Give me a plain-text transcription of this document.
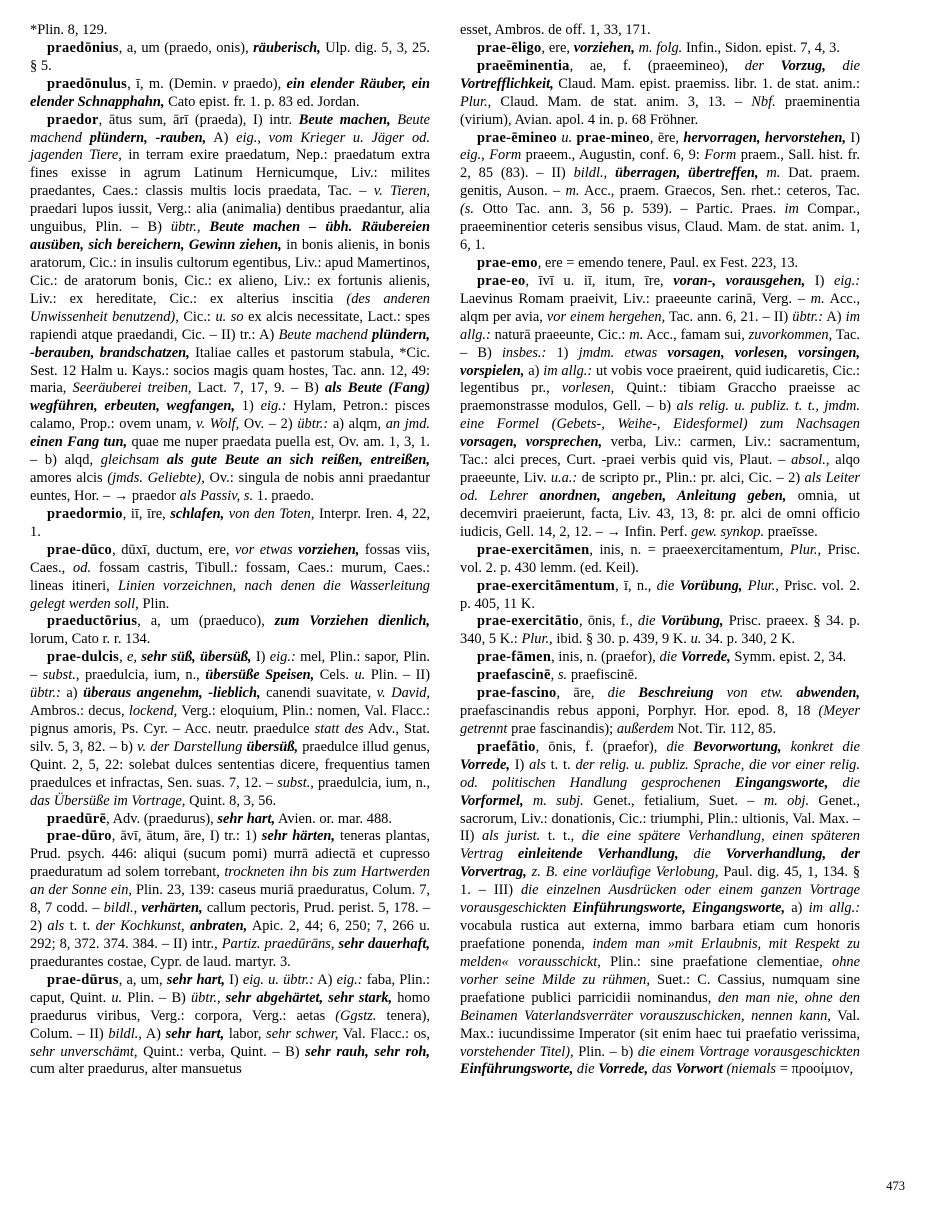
*Plin. 8, 129.

praedōnius, a, um (praedo, onis), räuberisch, Ulp. dig. 5, 3, 25. § 5.

praedōnulus, ī, m. (Demin. v praedo), ein elender Räuber, ein elender Schnapphahn, Cato epist. fr. 1. p. 83 ed. Jordan.

praedor, ātus sum, ārī (praeda), I) intr. Beute machen, Beute machend plündern, -rauben, A) eig., vom Krieger u. Jäger od. jagenden Tiere, in terram exire praedatum, Nep.: praedatum extra fines exisse in agrum Latinum Hernicumque, Liv.: milites praedantes, Caes.: classis multis locis praedata, Tac. – v. Tieren, praedari lupos iussit, Verg.: alia (animalia) dentibus praedantur, alia unguibus, Plin. – B) übtr., Beute machen – übh. Räubereien ausüben, sich bereichern, Gewinn ziehen, in bonis alienis, in bonis aratorum, Cic.: in insulis cultorum egentibus, Liv.: apud Mamertinos, Cic.: de aratorum bonis, Cic.: ex alieno, Liv.: ex fortunis alienis, Liv.: ex hereditate, Cic.: ex alterius inscitia (des anderen Unwissenheit benutzend), Cic.: u. so ex alcis necessitate, Lact.: spes rapiendi atque praedandi, Cic. – II) tr.: A) Beute machend plündern, -berauben, brandschatzen, Italiae calles et pastorum stabula, *Cic. Sest. 12 Halm u. Kays.: socios magis quam hostes, Tac. ann. 12, 49: maria, Seeräuberei treiben, Lact. 7, 17, 9. – B) als Beute (Fang) wegführen, erbeuten, wegfangen, 1) eig.: Hylam, Petron.: pisces calamo, Prop.: ovem unam, v. Wolf, Ov. – 2) übtr.: a) alqm, an jmd. einen Fang tun, quae me nuper praedata puella est, Ov. am. 1, 3, 1. – b) alqd, gleichsam als gute Beute an sich reißen, entreißen, amores alcis (jmds. Geliebte), Ov.: singula de nobis anni praedantur euntes, Hor. – → praedor als Passiv, s. 1. praedo.

praedormio, iī, īre, schlafen, von den Toten, Interpr. Iren. 4, 22, 1.

prae-dūco, dūxī, ductum, ere, vor etwas vorziehen, fossas viis, Caes., od. fossam castris, Tibull.: fossam, Caes.: murum, Caes.: lineas itineri, Linien vorzeichnen, nach denen die Wasserleitung gelegt werden soll, Plin.

praeductōrius, a, um (praeduco), zum Vorziehen dienlich, lorum, Cato r. r. 134.

prae-dulcis, e, sehr süß, übersüß, I) eig.: mel, Plin.: sapor, Plin. – subst., praedulcia, ium, n., übersüße Speisen, Cels. u. Plin. – II) übtr.: a) überaus angenehm, -lieblich, canendi suavitate, v. David, Ambros.: decus, lockend, Verg.: eloquium, Plin.: nomen, Val. Flacc.: pignus amoris, Ps. Cyr. – Acc. neutr. praedulce statt des Adv., Stat. silv. 5, 3, 82. – b) v. der Darstellung übersüß, praedulce illud genus, Quint. 2, 5, 22: solebat dulces sententias dicere, frequentius tamen praedulces et infractas, Sen. suas. 7, 12. – subst., praedulcia, ium, n., das Übersüße im Vortrage, Quint. 8, 3, 56.

praedūrē, Adv. (praedurus), sehr hart, Avien. or. mar. 488.

prae-dūro, āvī, ātum, āre, I) tr.: 1) sehr härten, teneras plantas, Prud. psych. 446: aliqui (sucum pomi) murrā adiectā et cupresso praeduratum ad solem torrebant, trockneten ihn bis zum Hartwerden an der Sonne ein, Plin. 23, 139: caseus muriā praeduratus, Colum. 7, 8, 7 codd. – bildl., verhärten, callum pectoris, Prud. perist. 5, 178. – 2) als t. t. der Kochkunst, anbraten, Apic. 2, 44; 6, 250; 7, 266 u. 292; 8, 372. 374. 384. – II) intr., Partiz. praedūrāns, sehr dauerhaft, praedurantes costae, Cypr. de laud. martyr. 3.

prae-dūrus, a, um, sehr hart, I) eig. u. übtr.: A) eig.: faba, Plin.: caput, Quint. u. Plin. – B) übtr., sehr abgehärtet, sehr stark, homo praedurus viribus, Verg.: corpora, Verg.: aetas (Ggstz. tenera), Colum. – II) bildl., A) sehr hart, labor, sehr schwer, Val. Flacc.: os, sehr unverschämt, Quint.: verba, Quint. – B) sehr rauh, sehr roh, cum alter praedurus, alter mansuetus

esset, Ambros. de off. 1, 33, 171.

prae-ēligo, ere, vorziehen, m. folg. Infin., Sidon. epist. 7, 4, 3.

praeēminentia, ae, f. (praeemineo), der Vorzug, die Vortrefflichkeit, Claud. Mam. epist. praemiss. libr. 1. de stat. anim.: Plur., Claud. Mam. de stat. anim. 3, 13. – Nbf. praeminentia (virium), Avian. apol. 4 in. p. 68 Fröhner.

prae-ēmineo u. prae-mineo, ēre, hervorragen, hervorstehen, I) eig., Form praeem., Augustin, conf. 6, 9: Form praem., Sall. hist. fr. 2, 85 (83). – II) bildl., überragen, übertreffen, m. Dat. praem. genitis, Auson. – m. Acc., praem. Graecos, Sen. rhet.: ceteros, Tac. (s. Otto Tac. ann. 3, 56 p. 539). – Partic. Praes. im Compar., praeeminentior ceteris sensibus visus, Claud. Mam. de stat. anim. 1, 6, 1.

prae-emo, ere = emendo tenere, Paul. ex Fest. 223, 13.

prae-eo, īvī u. iī, itum, īre, voran-, vorausgehen, I) eig.: Laevinus Romam praeivit, Liv.: praeeunte carinā, Verg. – m. Acc., alqm per avia, vor einem hergehen, Tac. ann. 6, 21. – II) übtr.: A) im allg.: naturā praeeunte, Cic.: m. Acc., famam sui, zuvorkommen, Tac. – B) insbes.: 1) jmdm. etwas vorsagen, vorlesen, vorsingen, vorspielen, a) im allg.: ut vobis voce praeirent, quid iudicaretis, Cic.: legentibus pr., vorlesen, Quint.: tibiam Graccho praeisse ac praemonstrasse modulos, Gell. – b) als relig. u. publiz. t. t., jmdm. eine Formel (Gebets-, Weihe-, Eidesformel) zum Nachsagen vorsagen, vorsprechen, verba, Liv.: carmen, Liv.: sacramentum, Tac.: alci preces, Curt. -praei verbis quid vis, Plaut. – absol., alqo praeeunte, Liv. u.a.: de scripto pr., Plin.: pr. alci, Cic. – 2) als Leiter od. Lehrer anordnen, angeben, Anleitung geben, omnia, ut decemviri praeierunt, facta, Liv. 43, 13, 8: pr. alci de omni officio iudicis, Gell. 14, 2, 12. – → Infin. Perf. gew. synkop. praeīsse.

prae-exercitāmen, inis, n. = praeexercitamentum, Plur., Prisc. vol. 2. p. 430 lemm. (ed. Keil).

prae-exercitāmentum, ī, n., die Vorübung, Plur., Prisc. vol. 2. p. 405, 11 K.

prae-exercitātio, ōnis, f., die Vorübung, Prisc. praeex. § 34. p. 340, 5 K.: Plur., ibid. § 30. p. 439, 9 K. u. 34. p. 340, 2 K.

prae-fāmen, inis, n. (praefor), die Vorrede, Symm. epist. 2, 34.

praefascinē, s. praefiscinē.

prae-fascino, āre, die Beschreiung von etw. abwenden, praefascinandis rebus apponi, Porphyr. Hor. epod. 8, 18 (Meyer getrennt prae fascinandis); außerdem Not. Tir. 112, 85.

praefātio, ōnis, f. (praefor), die Bevorwortung, konkret die Vorrede, I) als t. t. der relig. u. publiz. Sprache, die vor einer relig. od. politischen Handlung gesprochenen Eingangsworte, die Vorformel, m. subj. Genet., fetialium, Suet. – m. obj. Genet., sacrorum, Liv.: donationis, Cic.: triumphi, Plin.: ultionis, Val. Max. – II) als jurist. t. t., die eine spätere Verhandlung, einen späteren Vertrag einleitende Verhandlung, die Vorverhandlung, der Vorvertrag, z. B. eine vorläufige Verlobung, Paul. dig. 45, 1, 134. § 1. – III) die einzelnen Ausdrücken oder einem ganzen Vortrage vorausgeschickten Einführungsworte, Eingangsworte, a) im allg.: vocabula rustica aut externa, immo barbara etiam cum honoris praefatione ponenda, indem man »mit Erlaubnis, mit Respekt zu melden« vorausschickt, Plin.: sine praefatione clementiae, ohne vorher seine Milde zu rühmen, Suet.: C. Cassius, numquam sine praefatione publici parricidii nominandus, den man nie, ohne den Beinamen Vaterlandsverräter vorauszuschicken, nennen kann, Val. Max.: iucundissime Imperator (sit enim haec tui praefatio verissima, vorstehender Titel), Plin. – b) die einem Vortrage vorausgeschickten Einführungsworte, die Vorrede, das Vorwort (niemals = προοίμιον,

473
